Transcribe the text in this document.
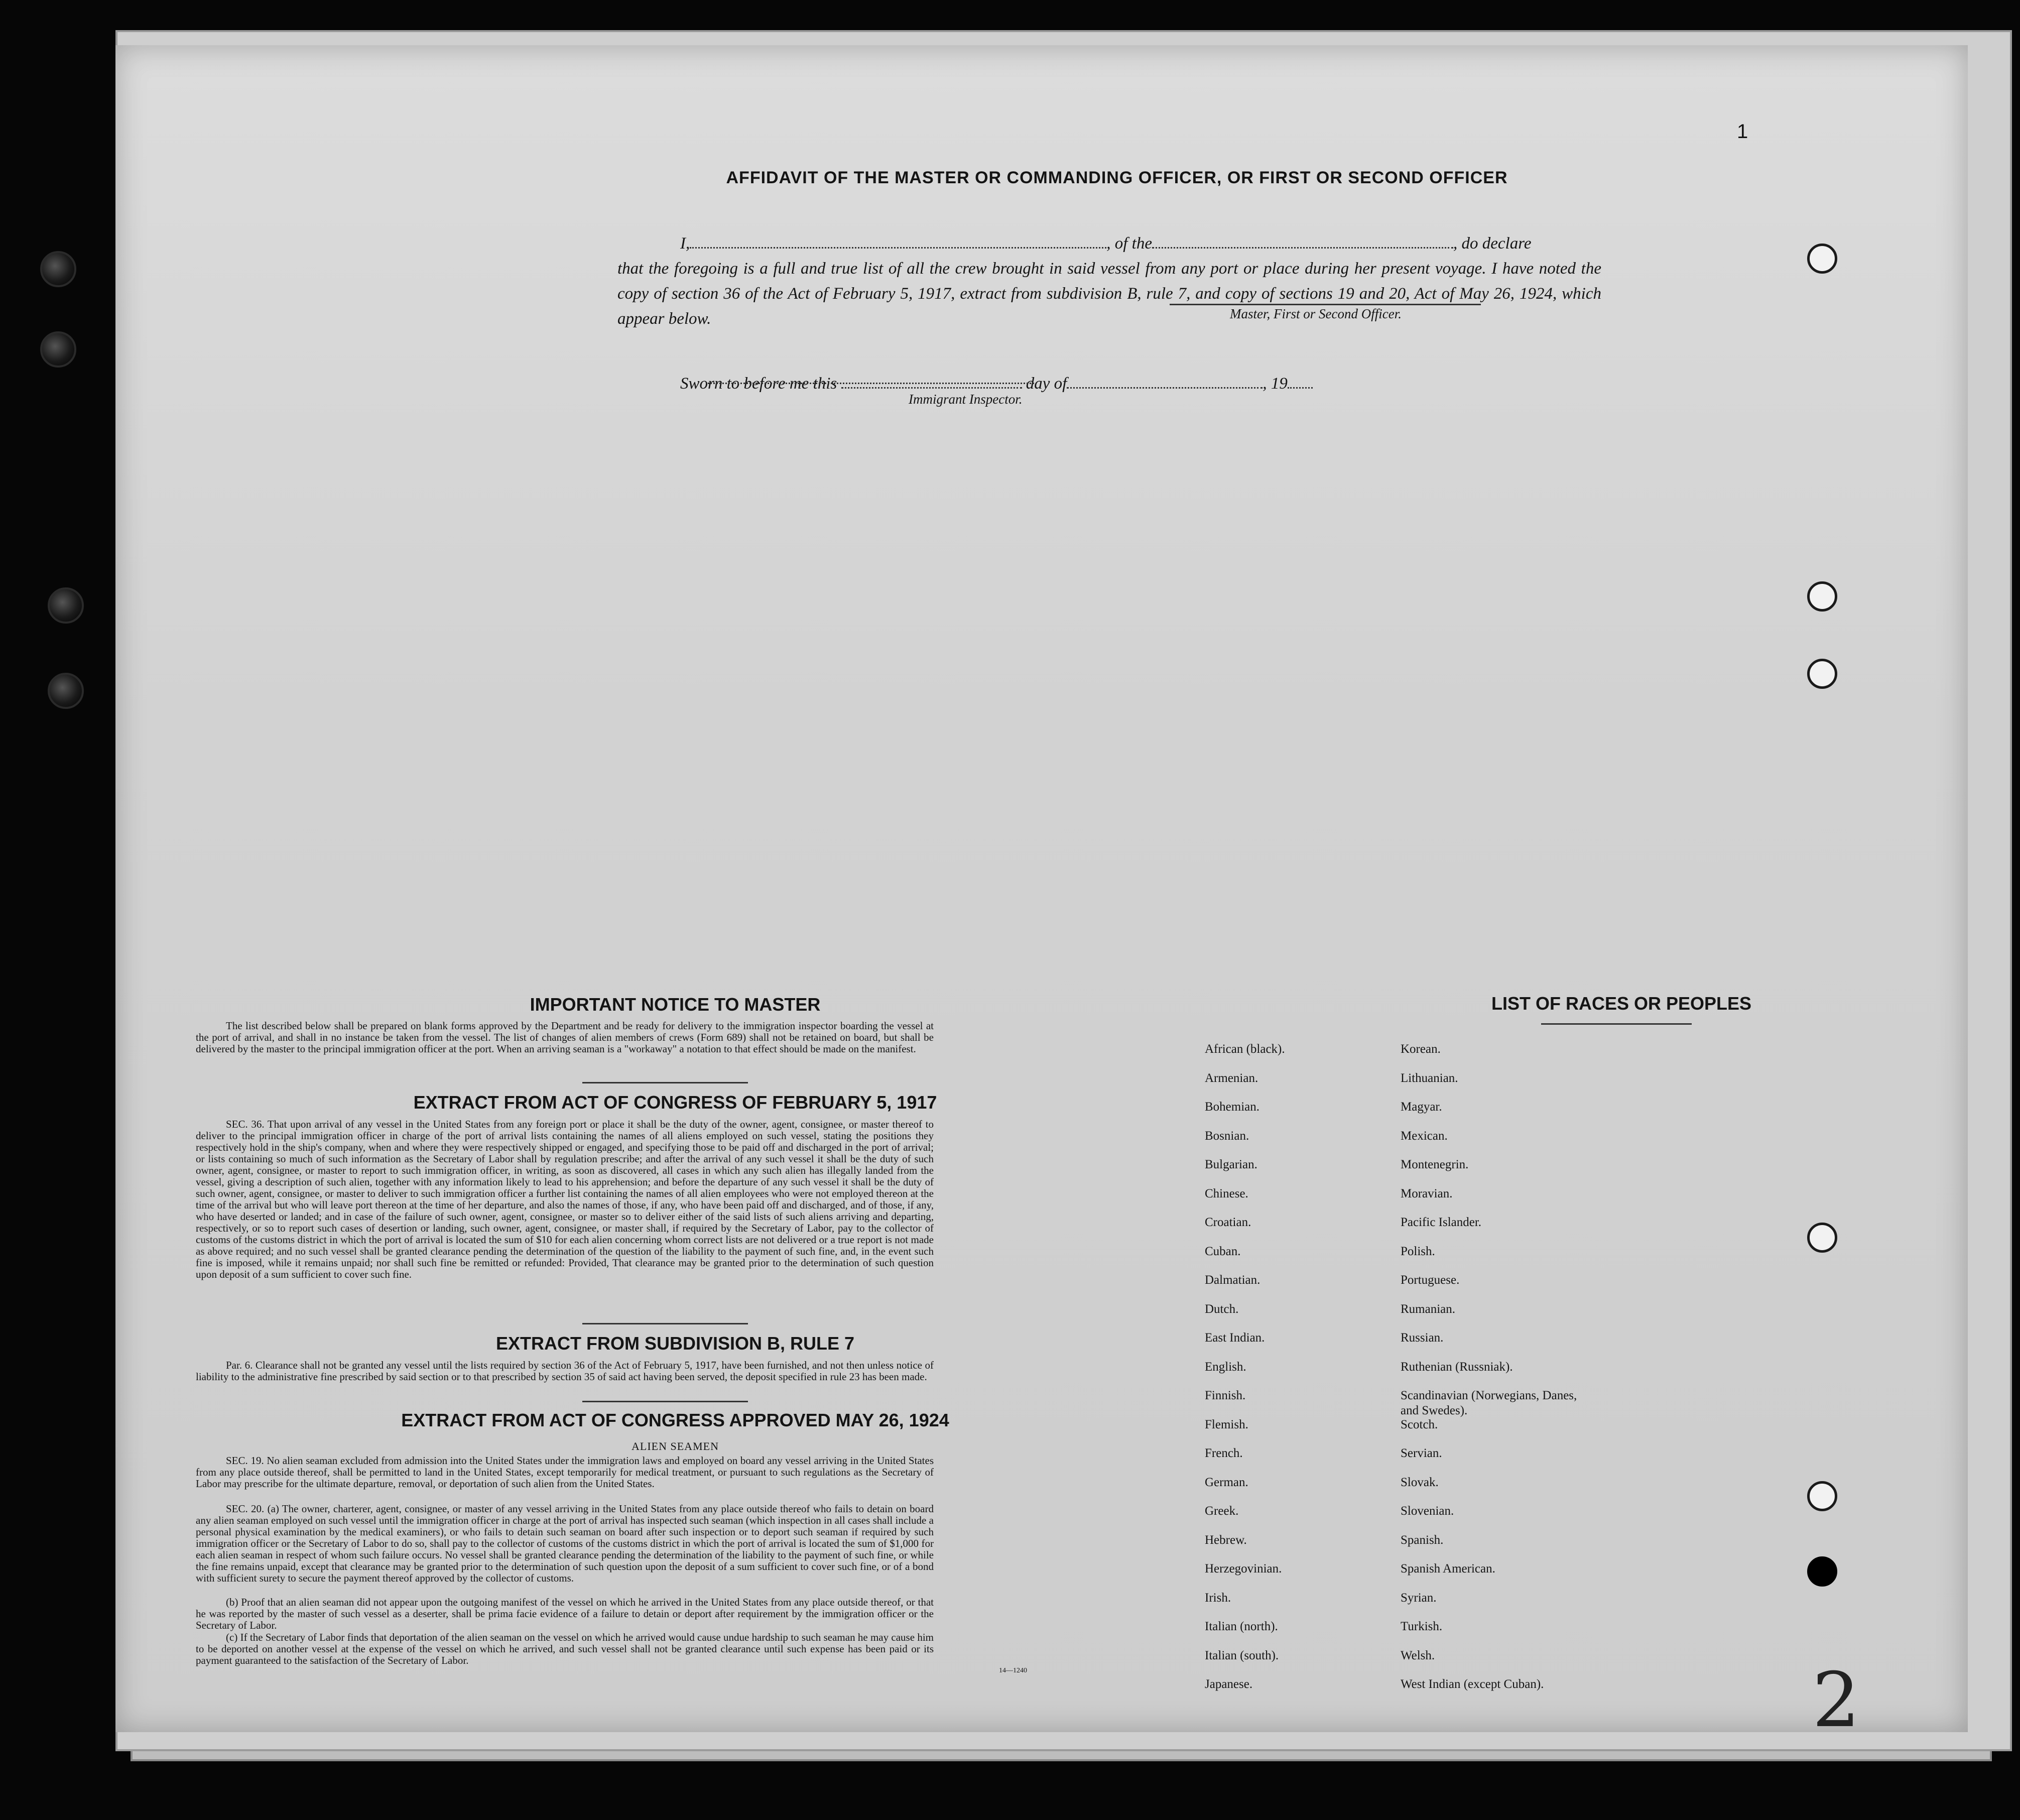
AFFIDAVIT OF THE MASTER OR COMMANDING OFFICER, OR FIRST OR SECOND OFFICER
1
I,	, of the	, do declare
that the foregoing is a full and true list of all the crew brought in said vessel from any port or place during her present voyage. I have noted the copy of section 36 of the Act of February 5, 1917, extract from subdivision B, rule 7, and copy of sections 19 and 20, Act of May 26, 1924, which appear below.	Master, First or Second Officer.
Sworn to before me this	day of	, 19
Immigrant Inspector.
IMPORTANT NOTICE TO MASTER
The list described below shall be prepared on blank forms approved by the Department and be ready for delivery to the immigration inspector boarding the vessel at the port of arrival, and shall in no instance be taken from the vessel. The list of changes of alien members of crews (Form 689) shall not be retained on board, but shall be delivered by the master to the principal immigration officer at the port. When an arriving seaman is a "workaway" a notation to that effect should be made on the manifest.
EXTRACT FROM ACT OF CONGRESS OF FEBRUARY 5, 1917
SEC. 36. That upon arrival of any vessel in the United States from any foreign port or place it shall be the duty of the owner, agent, consignee, or master thereof to deliver to the principal immigration officer in charge of the port of arrival lists containing the names of all aliens employed on such vessel, stating the positions they respectively hold in the ship's company, when and where they were respectively shipped or engaged, and specifying those to be paid off and discharged in the port of arrival; or lists containing so much of such information as the Secretary of Labor shall by regulation prescribe; and after the arrival of any such vessel it shall be the duty of such owner, agent, consignee, or master to report to such immigration officer, in writing, as soon as discovered, all cases in which any such alien has illegally landed from the vessel, giving a description of such alien, together with any information likely to lead to his apprehension; and before the departure of any such vessel it shall be the duty of such owner, agent, consignee, or master to deliver to such immigration officer a further list containing the names of all alien employees who were not employed thereon at the time of the arrival but who will leave port thereon at the time of her departure, and also the names of those, if any, who have been paid off and discharged, and of those, if any, who have deserted or landed; and in case of the failure of such owner, agent, consignee, or master so to deliver either of the said lists of such aliens arriving and departing, respectively, or so to report such cases of desertion or landing, such owner, agent, consignee, or master shall, if required by the Secretary of Labor, pay to the collector of customs of the customs district in which the port of arrival is located the sum of $10 for each alien concerning whom correct lists are not delivered or a true report is not made as above required; and no such vessel shall be granted clearance pending the determination of the question of the liability to the payment of such fine, and, in the event such fine is imposed, while it remains unpaid; nor shall such fine be remitted or refunded: Provided, That clearance may be granted prior to the determination of such question upon deposit of a sum sufficient to cover such fine.
EXTRACT FROM SUBDIVISION B, RULE 7
Par. 6. Clearance shall not be granted any vessel until the lists required by section 36 of the Act of February 5, 1917, have been furnished, and not then unless notice of liability to the administrative fine prescribed by said section or to that prescribed by section 35 of said act having been served, the deposit specified in rule 23 has been made.
EXTRACT FROM ACT OF CONGRESS APPROVED MAY 26, 1924
ALIEN SEAMEN
SEC. 19. No alien seaman excluded from admission into the United States under the immigration laws and employed on board any vessel arriving in the United States from any place outside thereof, shall be permitted to land in the United States, except temporarily for medical treatment, or pursuant to such regulations as the Secretary of Labor may prescribe for the ultimate departure, removal, or deportation of such alien from the United States.
SEC. 20. (a) The owner, charterer, agent, consignee, or master of any vessel arriving in the United States from any place outside thereof who fails to detain on board any alien seaman employed on such vessel until the immigration officer in charge at the port of arrival has inspected such seaman (which inspection in all cases shall include a personal physical examination by the medical examiners), or who fails to detain such seaman on board after such inspection or to deport such seaman if required by such immigration officer or the Secretary of Labor to do so, shall pay to the collector of customs of the customs district in which the port of arrival is located the sum of $1,000 for each alien seaman in respect of whom such failure occurs. No vessel shall be granted clearance pending the determination of the liability to the payment of such fine, or while the fine remains unpaid, except that clearance may be granted prior to the determination of such question upon the deposit of a sum sufficient to cover such fine, or of a bond with sufficient surety to secure the payment thereof approved by the collector of customs.
(b) Proof that an alien seaman did not appear upon the outgoing manifest of the vessel on which he arrived in the United States from any place outside thereof, or that he was reported by the master of such vessel as a deserter, shall be prima facie evidence of a failure to detain or deport after requirement by the immigration officer or the Secretary of Labor.
(c) If the Secretary of Labor finds that deportation of the alien seaman on the vessel on which he arrived would cause undue hardship to such seaman he may cause him to be deported on another vessel at the expense of the vessel on which he arrived, and such vessel shall not be granted clearance until such expense has been paid or its payment guaranteed to the satisfaction of the Secretary of Labor.
14—1240
LIST OF RACES OR PEOPLES
2
African (black).
Armenian.
Bohemian.
Bosnian.
Bulgarian.
Chinese.
Croatian.
Cuban.
Dalmatian.
Dutch.
East Indian.
English.
Finnish.
Flemish.
French.
German.
Greek.
Hebrew.
Herzegovinian.
Irish.
Italian (north).
Italian (south).
Japanese.
Korean.
Lithuanian.
Magyar.
Mexican.
Montenegrin.
Moravian.
Pacific Islander.
Polish.
Portuguese.
Rumanian.
Russian.
Ruthenian (Russniak).
Scandinavian (Norwegians, Danes, and Swedes).
Scotch.
Servian.
Slovak.
Slovenian.
Spanish.
Spanish American.
Syrian.
Turkish.
Welsh.
West Indian (except Cuban).
